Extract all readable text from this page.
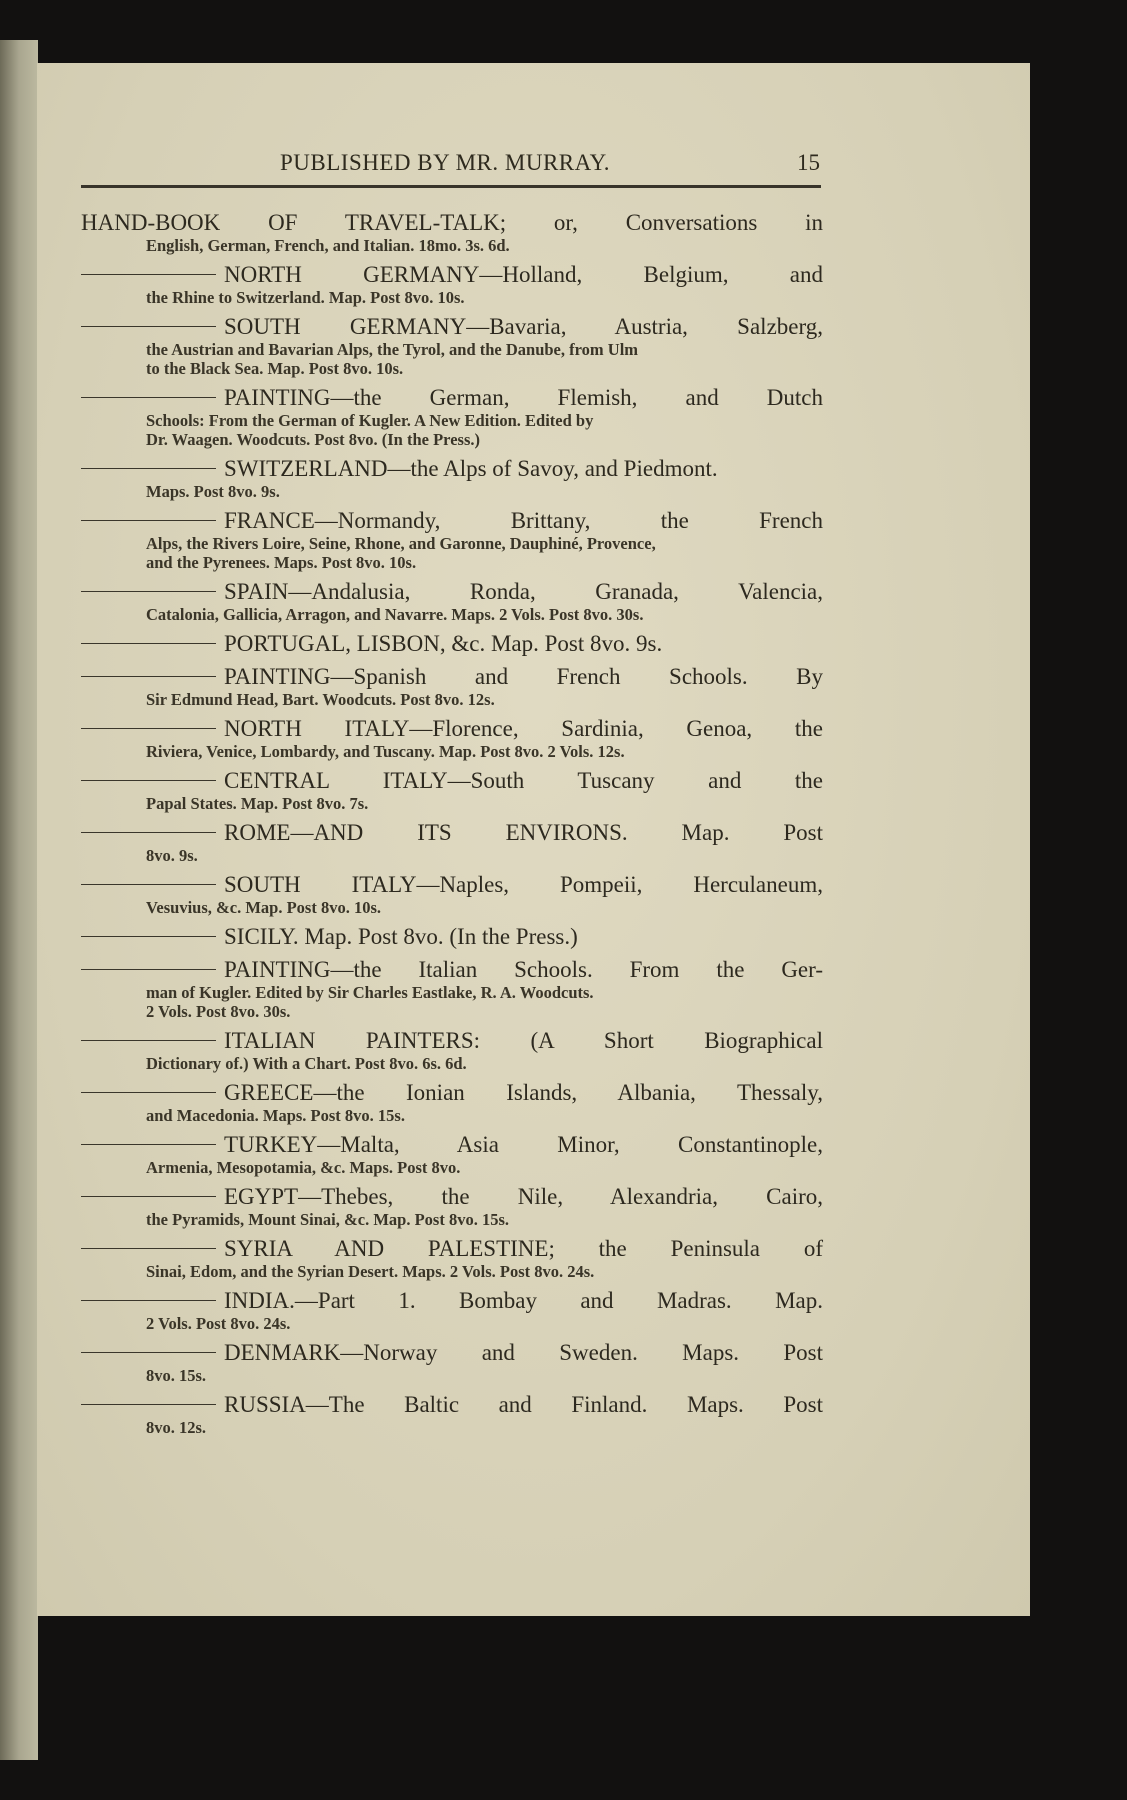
PUBLISHED BY MR. MURRAY.	15
HAND-BOOK OF TRAVEL-TALK; or, Conversations in
English, German, French, and Italian. 18mo. 3s. 6d.
NORTH GERMANY—Holland, Belgium, and
the Rhine to Switzerland. Map. Post 8vo. 10s.
SOUTH GERMANY—Bavaria, Austria, Salzberg,
the Austrian and Bavarian Alps, the Tyrol, and the Danube, from Ulm
to the Black Sea. Map. Post 8vo. 10s.
PAINTING—the German, Flemish, and Dutch
Schools: From the German of Kugler. A New Edition. Edited by
Dr. Waagen. Woodcuts. Post 8vo. (In the Press.)
SWITZERLAND—the Alps of Savoy, and Piedmont.
Maps. Post 8vo. 9s.
FRANCE—Normandy, Brittany, the French
Alps, the Rivers Loire, Seine, Rhone, and Garonne, Dauphiné, Provence,
and the Pyrenees. Maps. Post 8vo. 10s.
SPAIN—Andalusia, Ronda, Granada, Valencia,
Catalonia, Gallicia, Arragon, and Navarre. Maps. 2 Vols. Post 8vo. 30s.
PORTUGAL, LISBON, &c. Map. Post 8vo. 9s.
PAINTING—Spanish and French Schools. By
Sir Edmund Head, Bart. Woodcuts. Post 8vo. 12s.
NORTH ITALY—Florence, Sardinia, Genoa, the
Riviera, Venice, Lombardy, and Tuscany. Map. Post 8vo. 2 Vols. 12s.
CENTRAL ITALY—South Tuscany and the
Papal States. Map. Post 8vo. 7s.
ROME—AND ITS ENVIRONS. Map. Post
8vo. 9s.
SOUTH ITALY—Naples, Pompeii, Herculaneum,
Vesuvius, &c. Map. Post 8vo. 10s.
SICILY. Map. Post 8vo. (In the Press.)
PAINTING—the Italian Schools. From the Ger-
man of Kugler. Edited by Sir Charles Eastlake, R. A. Woodcuts.
2 Vols. Post 8vo. 30s.
ITALIAN PAINTERS: (A Short Biographical
Dictionary of.) With a Chart. Post 8vo. 6s. 6d.
GREECE—the Ionian Islands, Albania, Thessaly,
and Macedonia. Maps. Post 8vo. 15s.
TURKEY—Malta, Asia Minor, Constantinople,
Armenia, Mesopotamia, &c. Maps. Post 8vo.
EGYPT—Thebes, the Nile, Alexandria, Cairo,
the Pyramids, Mount Sinai, &c. Map. Post 8vo. 15s.
SYRIA AND PALESTINE; the Peninsula of
Sinai, Edom, and the Syrian Desert. Maps. 2 Vols. Post 8vo. 24s.
INDIA.—Part 1. Bombay and Madras. Map.
2 Vols. Post 8vo. 24s.
DENMARK—Norway and Sweden. Maps. Post
8vo. 15s.
RUSSIA—The Baltic and Finland. Maps. Post
8vo. 12s.
